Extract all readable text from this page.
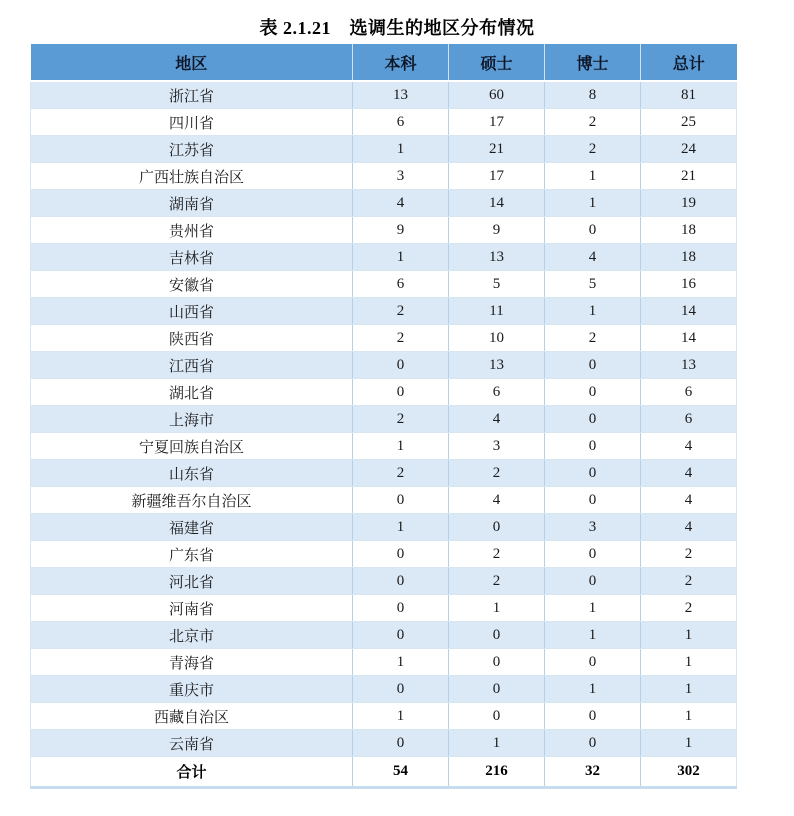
表 2.1.21　选调生的地区分布情况
地区	本科	硕士	博士	总计
浙江省	13	60	8	81
四川省	6	17	2	25
江苏省	1	21	2	24
广西壮族自治区	3	17	1	21
湖南省	4	14	1	19
贵州省	9	9	0	18
吉林省	1	13	4	18
安徽省	6	5	5	16
山西省	2	11	1	14
陕西省	2	10	2	14
江西省	0	13	0	13
湖北省	0	6	0	6
上海市	2	4	0	6
宁夏回族自治区	1	3	0	4
山东省	2	2	0	4
新疆维吾尔自治区	0	4	0	4
福建省	1	0	3	4
广东省	0	2	0	2
河北省	0	2	0	2
河南省	0	1	1	2
北京市	0	0	1	1
青海省	1	0	0	1
重庆市	0	0	1	1
西藏自治区	1	0	0	1
云南省	0	1	0	1
合计	54	216	32	302
